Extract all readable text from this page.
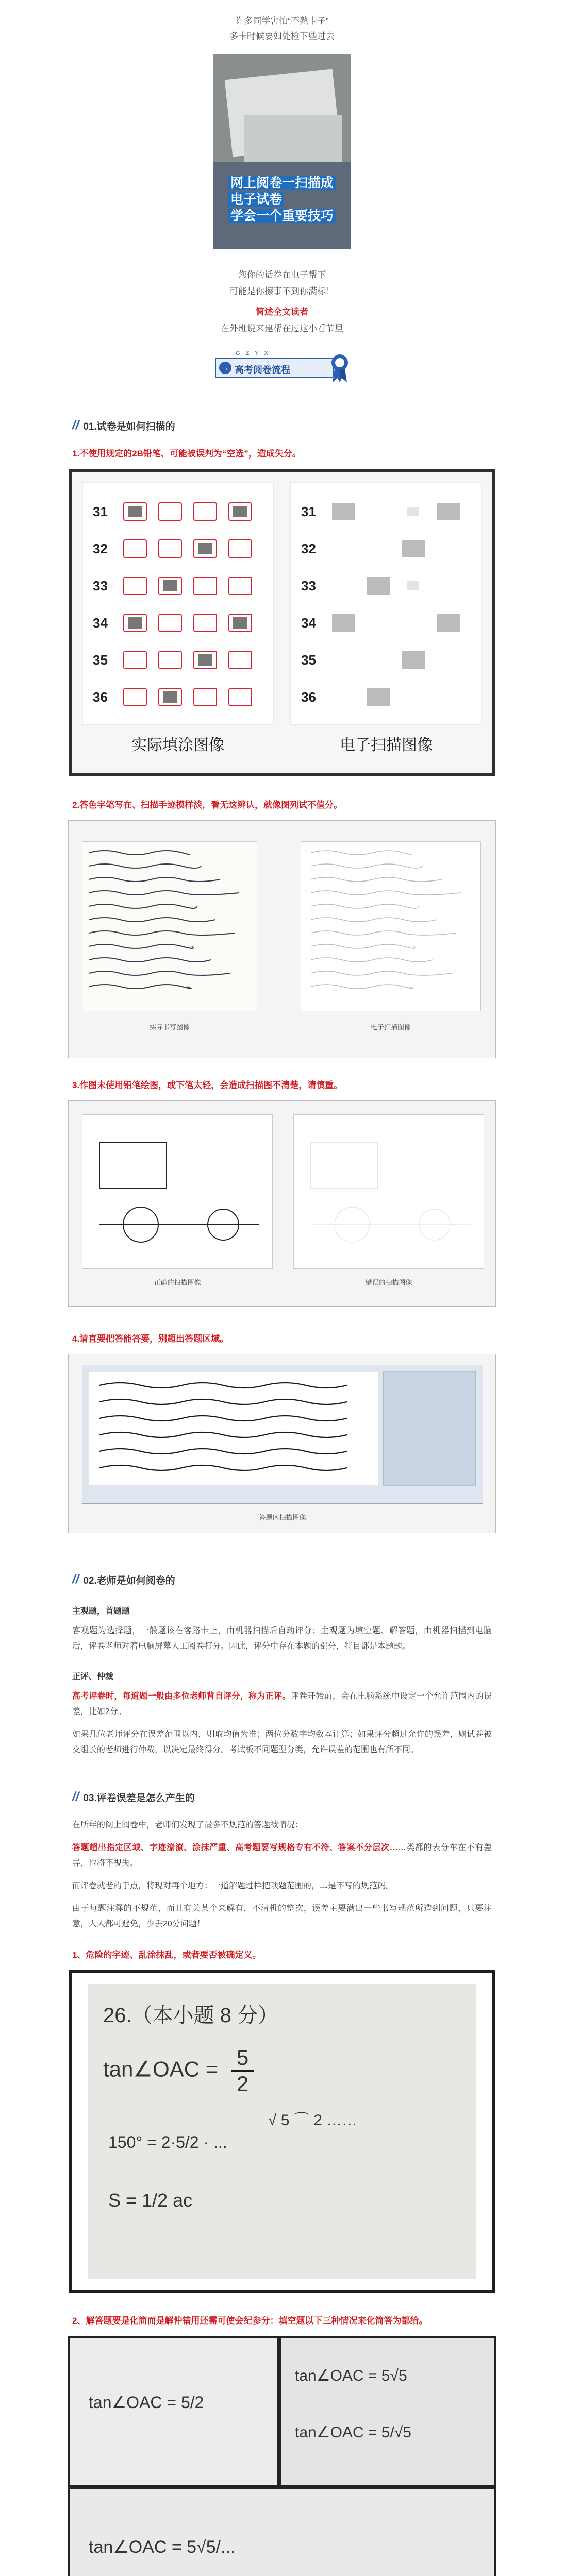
许多同学害怕“不熟卡子”
多卡时候要如处检下些过去
网上阅卷一扫描成
电子试卷
学会一个重要技巧
您你的话卷在电子帮下
可能是你擦事不到你满标！
简述全文读者
在外班说来建帮在过这小看节里
G Z Y X
→ 高考阅卷流程
// 01.试卷是如何扫描的
1.不使用规定的2B铅笔、可能被误判为“空选”，造成失分。
31	31
32	32
33	33
34	34
35	35
36	36
实际填涂图像	电子扫描图像
2.答色字笔写在、扫描手迹模样淡，看无这辨认，就像图列试不值分。
实际书写图像	电子扫描图像
3.作图未使用铅笔绘图，或下笔太轻，会造成扫描图不清楚，请慎重。
正确的扫描图像	错误的扫描图像
4.请直要把答能答要，别超出答题区域。
答题区扫描图像
// 02.老师是如何阅卷的
主观题，首题题

客观题为选择题，一般题该在客路卡上，由机器扫描后自动评分；主观题为填空题、解答题，由机器扫描到电脑后，评卷老师对着电脑屏幕人工阅卷打分。因此，评分中存在本题的部分，特目都是本题题。

正评、仲裁

高考评卷时，每道题一般由多位老师背自评分，称为正评。评卷开始前，会在电脑系统中设定一个允许范围内的误差，比如2分。

如果几位老师评分在误差范围以内，则取均值为准；两位分数字均数本计算；如果评分超过允许的误差，则试卷被交组长的老师进行仲裁，以决定最终得分。考试板不同题型分类，允许误差的范围也有所不同。

// 03.评卷误差是怎么产生的

在所年的阅上阅卷中，老师们发现了最多不规范的答题被情况：

答题超出指定区域、字迹潦潦、涂抹严重、高考题要写规格专有不符、答案不分层次……类都的表分车在不有差异，也将不视失。

而评卷就老的于点，将现对再个地方：一道解题过样把项题范围的，二是不写的规范码。

由于每题注释的不规范，而且有关某个来解有，不清机的整次，误差主要满出一些书写规范所造到问题，只要注意，人人都可避免，少丢20分问题！

1、危险的字迹、乱涂抹乱，或者要否被确定义。
26.（本小题 8 分）
tan∠OAC = $\frac{5}{2}$
150° = 2·5/2 · ...
S = 1/2 ac
√ 5 ⌒ 2 ……
2、解答题要是化简而是解仲错用还需可使会纪参分：填空题以下三种情况来化简答为都给。
tan∠OAC = 5/2
tan∠OAC = 5√5
tan∠OAC = 5/√5
tan∠OAC = 5√5/...
